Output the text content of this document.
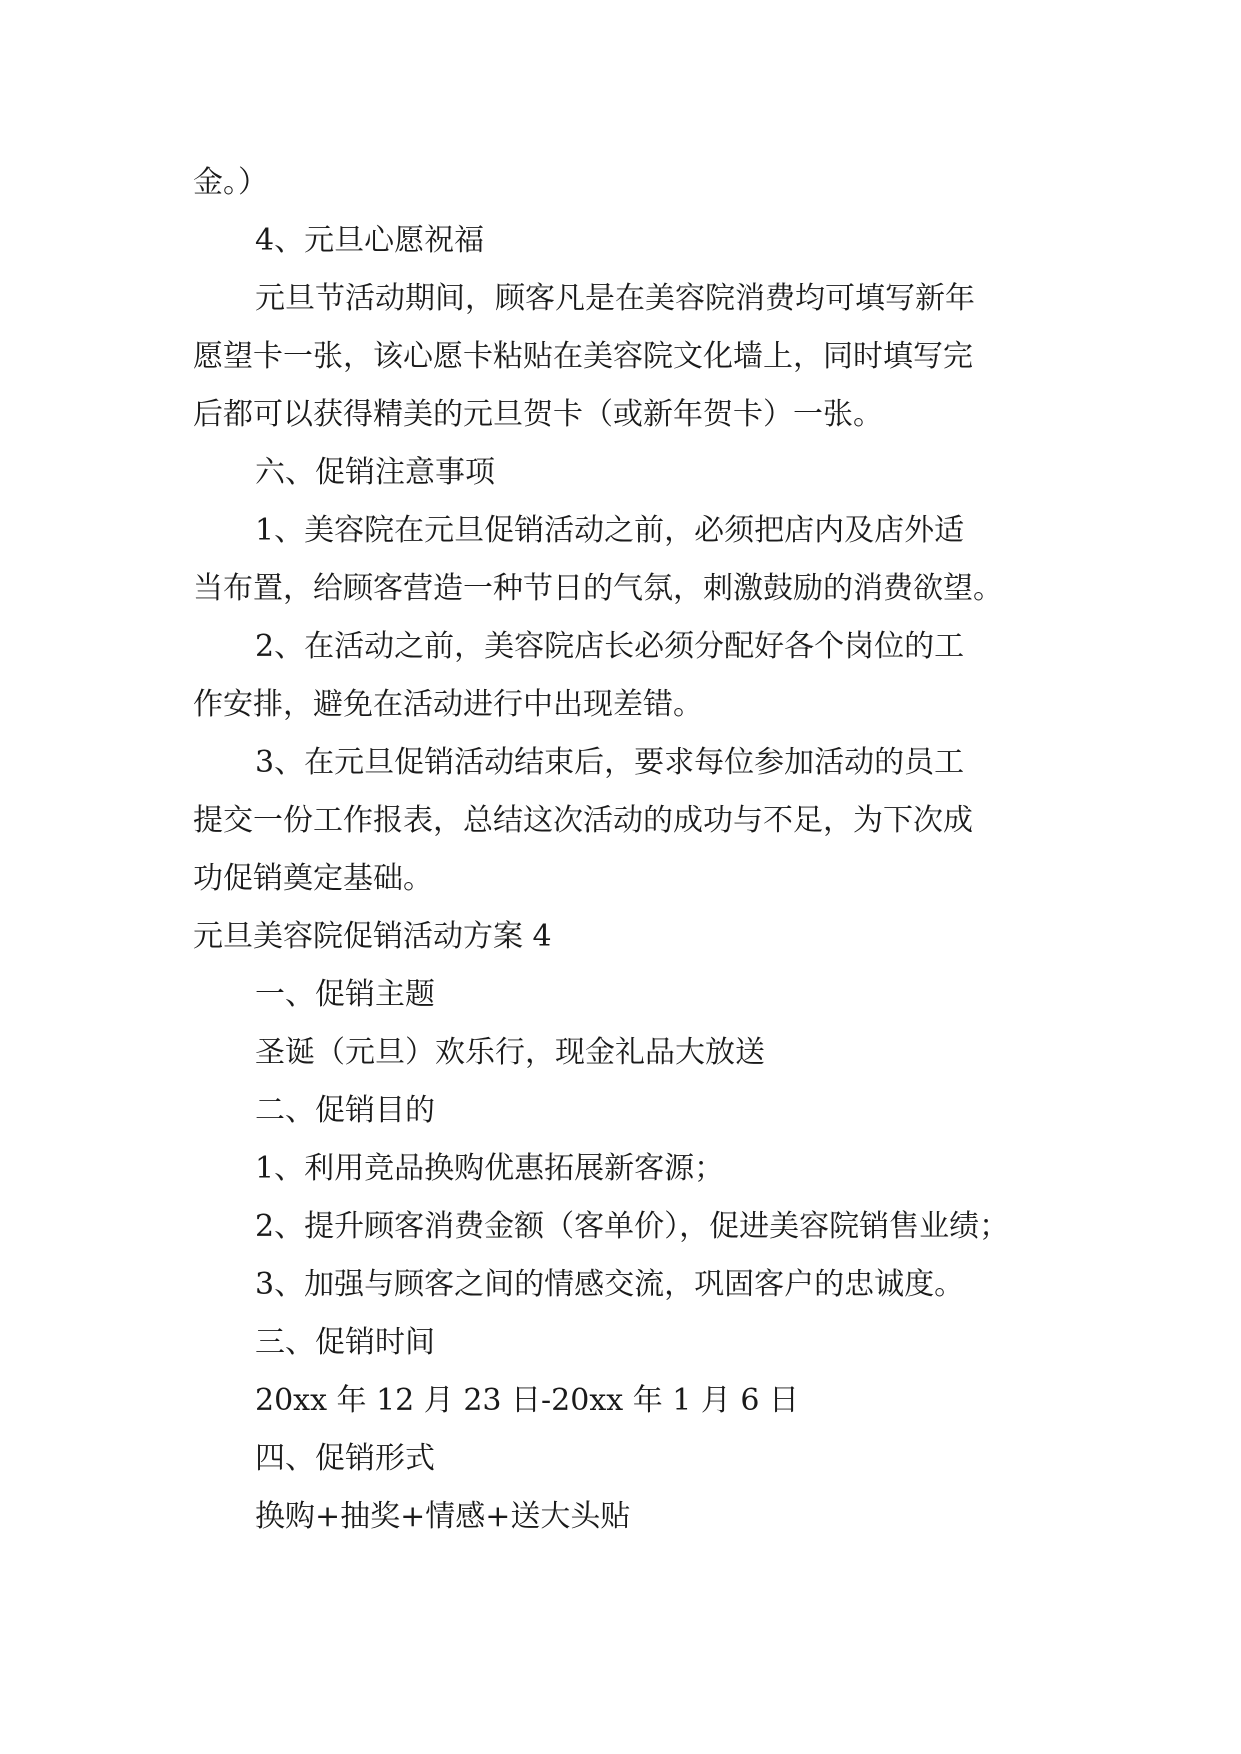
金。）
4、元旦心愿祝福
元旦节活动期间，顾客凡是在美容院消费均可填写新年
愿望卡一张，该心愿卡粘贴在美容院文化墙上，同时填写完
后都可以获得精美的元旦贺卡（或新年贺卡）一张。
六、促销注意事项
1、美容院在元旦促销活动之前，必须把店内及店外适
当布置，给顾客营造一种节日的气氛，刺激鼓励的消费欲望。
2、在活动之前，美容院店长必须分配好各个岗位的工
作安排，避免在活动进行中出现差错。
3、在元旦促销活动结束后，要求每位参加活动的员工
提交一份工作报表，总结这次活动的成功与不足，为下次成
功促销奠定基础。
元旦美容院促销活动方案 4
一、促销主题
圣诞（元旦）欢乐行，现金礼品大放送
二、促销目的
1、利用竞品换购优惠拓展新客源；
2、提升顾客消费金额（客单价），促进美容院销售业绩；
3、加强与顾客之间的情感交流，巩固客户的忠诚度。
三、促销时间
20xx 年 12 月 23 日-20xx 年 1 月 6 日
四、促销形式
换购+抽奖+情感+送大头贴
